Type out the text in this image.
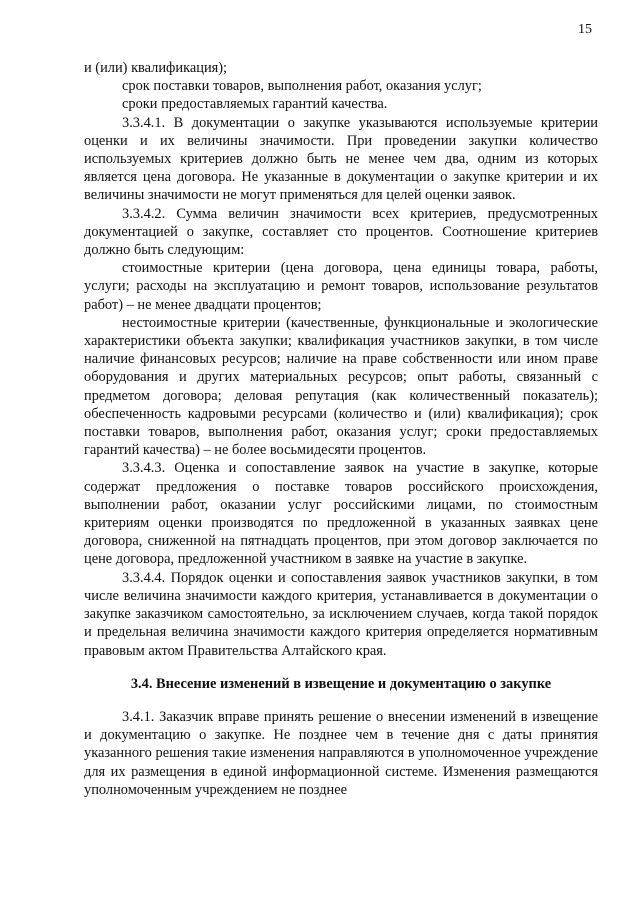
15

и (или) квалификация);

срок поставки товаров, выполнения работ, оказания услуг;

сроки предоставляемых гарантий качества.

3.3.4.1. В документации о закупке указываются используемые критерии оценки и их величины значимости. При проведении закупки количество используемых критериев должно быть не менее чем два, одним из которых является цена договора. Не указанные в документации о закупке критерии и их величины значимости не могут применяться для целей оценки заявок.

3.3.4.2. Сумма величин значимости всех критериев, предусмотренных документацией о закупке, составляет сто процентов. Соотношение критериев должно быть следующим:

стоимостные критерии (цена договора, цена единицы товара, работы, услуги; расходы на эксплуатацию и ремонт товаров, использование результатов работ) – не менее двадцати процентов;

нестоимостные критерии (качественные, функциональные и экологические характеристики объекта закупки; квалификация участников закупки, в том числе наличие финансовых ресурсов; наличие на праве собственности или ином праве оборудования и других материальных ресурсов; опыт работы, связанный с предметом договора; деловая репутация (как количественный показатель); обеспеченность кадровыми ресурсами (количество и (или) квалификация); срок поставки товаров, выполнения работ, оказания услуг; сроки предоставляемых гарантий качества) – не более восьмидесяти процентов.

3.3.4.3. Оценка и сопоставление заявок на участие в закупке, которые содержат предложения о поставке товаров российского происхождения, выполнении работ, оказании услуг российскими лицами, по стоимостным критериям оценки производятся по предложенной в указанных заявках цене договора, сниженной на пятнадцать процентов, при этом договор заключается по цене договора, предложенной участником в заявке на участие в закупке.

3.3.4.4. Порядок оценки и сопоставления заявок участников закупки, в том числе величина значимости каждого критерия, устанавливается в документации о закупке заказчиком самостоятельно, за исключением случаев, когда такой порядок и предельная величина значимости каждого критерия определяется нормативным правовым актом Правительства Алтайского края.

3.4. Внесение изменений в извещение и документацию о закупке

3.4.1. Заказчик вправе принять решение о внесении изменений в извещение и документацию о закупке. Не позднее чем в течение дня с даты принятия указанного решения такие изменения направляются в уполномоченное учреждение для их размещения в единой информационной системе. Изменения размещаются уполномоченным учреждением не позднее
